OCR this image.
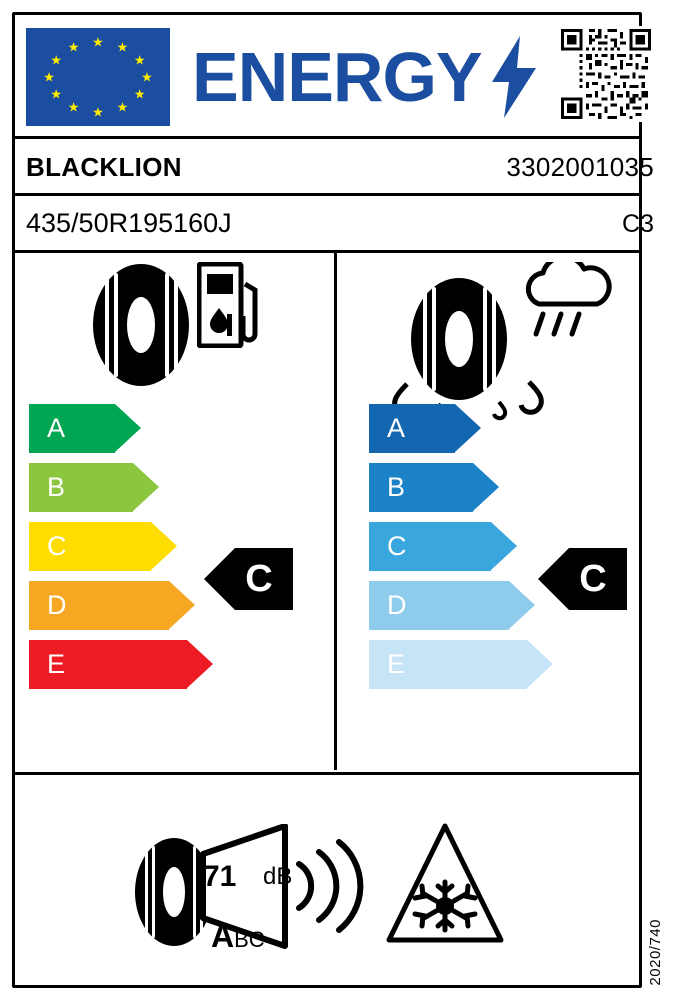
★ ★
★
★
★
★
★
★
★
★
★
★ ENERGY
BLACKLION	3302001035
435/50R195160J	C3
A
B
C
D
E
C
A
B
C
D
E
C
71 dB
ABC	2020/740
